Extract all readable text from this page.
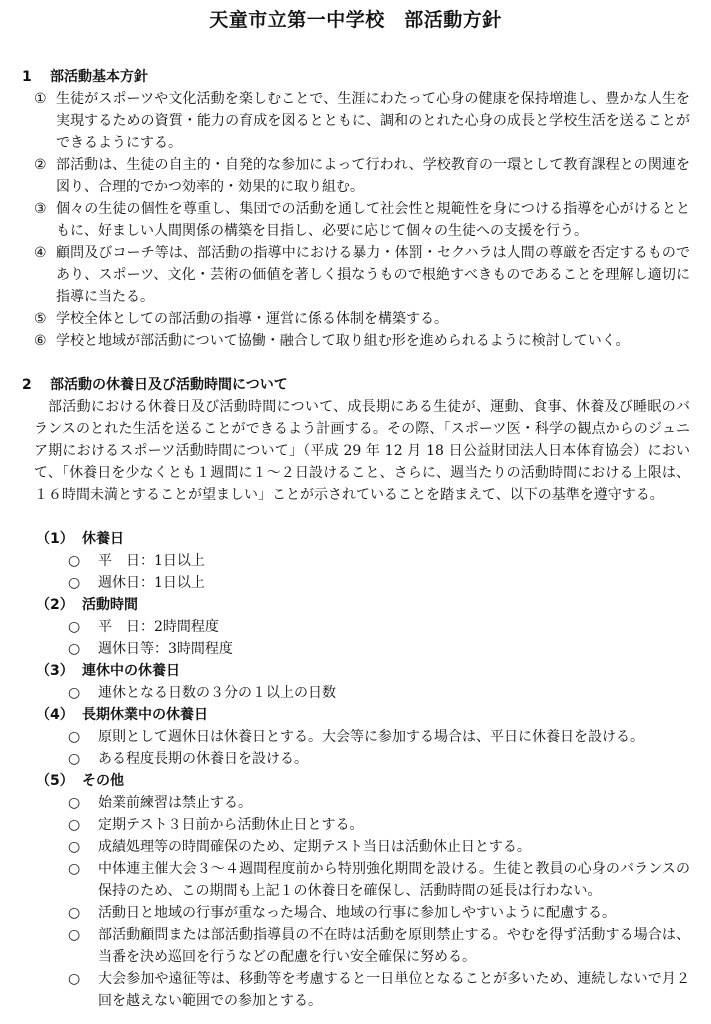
天童市立第一中学校　部活動方針
1 部活動基本方針
① 生徒がスポーツや文化活動を楽しむことで、生涯にわたって心身の健康を保持増進し、豊かな人生を実現するための資質・能力の育成を図るとともに、調和のとれた心身の成長と学校生活を送ることができるようにする。
② 部活動は、生徒の自主的・自発的な参加によって行われ、学校教育の一環として教育課程との関連を図り、合理的でかつ効率的・効果的に取り組む。
③ 個々の生徒の個性を尊重し、集団での活動を通して社会性と規範性を身につける指導を心がけるとともに、好ましい人間関係の構築を目指し、必要に応じて個々の生徒への支援を行う。
④ 顧問及びコーチ等は、部活動の指導中における暴力・体罰・セクハラは人間の尊厳を否定するものであり、スポーツ、文化・芸術の価値を著しく損なうもので根絶すべきものであることを理解し適切に指導に当たる。
⑤ 学校全体としての部活動の指導・運営に係る体制を構築する。
⑥ 学校と地域が部活動について協働・融合して取り組む形を進められるように検討していく。
2 部活動の休養日及び活動時間について
部活動における休養日及び活動時間について、成長期にある生徒が、運動、食事、休養及び睡眠のバランスのとれた生活を送ることができるよう計画する。その際、「スポーツ医・科学の観点からのジュニア期におけるスポーツ活動時間について」（平成 29 年 12 月 18 日公益財団法人日本体育協会）において、「休養日を少なくとも１週間に１～２日設けること、さらに、週当たりの活動時間における上限は、１６時間未満とすることが望ましい」ことが示されていることを踏まえて、以下の基準を遵守する。
（1） 休養日
○	平　日：1日以上
○	週休日：1日以上
（2） 活動時間
○	平　日：2時間程度
○	週休日等：3時間程度
（3） 連休中の休養日
○	連休となる日数の３分の１以上の日数
（4） 長期休業中の休養日
○	原則として週休日は休養日とする。大会等に参加する場合は、平日に休養日を設ける。
○	ある程度長期の休養日を設ける。
（5） その他
○	始業前練習は禁止する。
○	定期テスト３日前から活動休止日とする。
○	成績処理等の時間確保のため、定期テスト当日は活動休止日とする。
○	中体連主催大会３～４週間程度前から特別強化期間を設ける。生徒と教員の心身のバランスの保持のため、この期間も上記１の休養日を確保し、活動時間の延長は行わない。
○	活動日と地域の行事が重なった場合、地域の行事に参加しやすいように配慮する。
○	部活動顧問または部活動指導員の不在時は活動を原則禁止する。やむを得ず活動する場合は、当番を決め巡回を行うなどの配慮を行い安全確保に努める。
○	大会参加や遠征等は、移動等を考慮すると一日単位となることが多いため、連続しないで月２回を越えない範囲での参加とする。
